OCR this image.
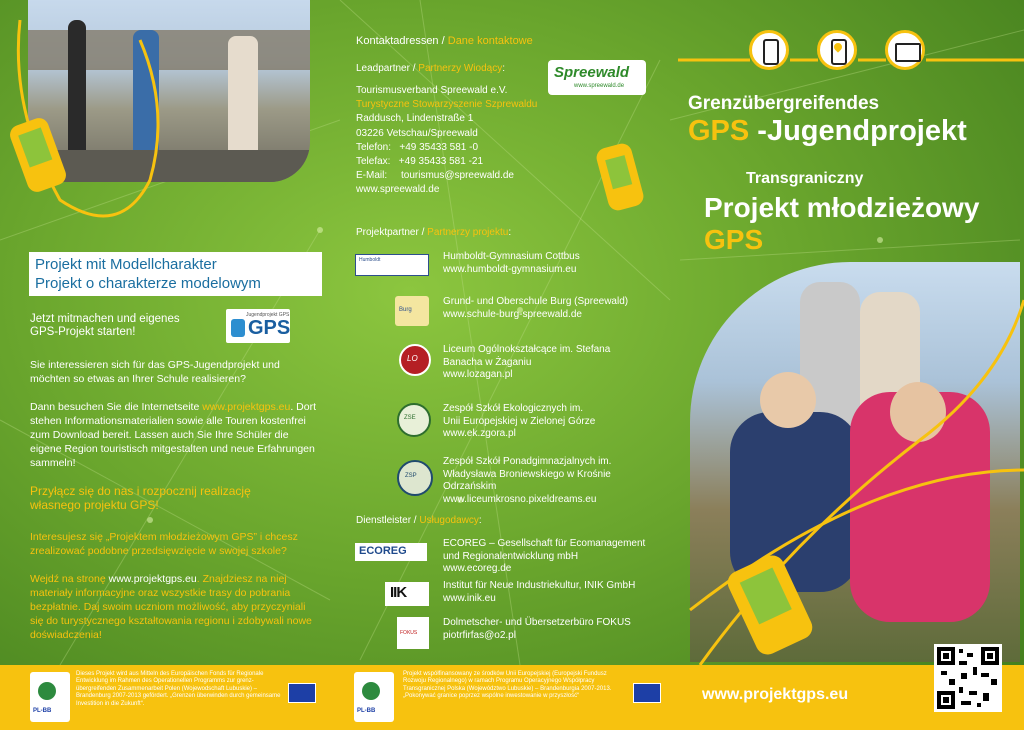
Projekt mit Modellcharakter
Projekt o charakterze modelowym
Jetzt mitmachen und eigenes
GPS-Projekt starten!
Jugendprojekt GPS
GPS
Sie interessieren sich für das GPS-Jugendprojekt und möchten so etwas an Ihrer Schule realisieren?
Dann besuchen Sie die Internetseite www.projektgps.eu. Dort stehen Informationsmaterialien sowie alle Touren kostenfrei zum Download bereit. Lassen auch Sie Ihre Schüler die eigene Region touristisch mitgestalten und neue Erfahrungen sammeln!
Przyłącz się do nas i rozpocznij realizację własnego projektu GPS!
Interesujesz się „Projektem młodzieżowym GPS” i chcesz zrealizować podobne przedsięwzięcie w swojej szkole?
Wejdź na stronę www.projektgps.eu. Znajdziesz na niej materiały informacyjne oraz wszystkie trasy do pobrania bezpłatnie. Daj swoim uczniom możliwość, aby przyczyniali się do turystycznego kształtowania regionu i zdobywali nowe doświadczenia!
Kontaktadressen / Dane kontaktowe
Leadpartner / Partnerzy Wiodący:	Spreewald
www.spreewald.de
Tourismusverband Spreewald e.V.
Turystyczne Stowarzyszenie Szprewaldu
Raddusch, Lindenstraße 1
03226 Vetschau/Spreewald
Telefon:   +49 35433 581 -0
Telefax:   +49 35433 581 -21
E-Mail:     tourismus@spreewald.de
www.spreewald.de
Projektpartner / Partnerzy projektu:
Humboldt	Humboldt-Gymnasium Cottbus
www.humboldt-gymnasium.eu
Burg
Grund- und Oberschule Burg (Spreewald)
www.schule-burg-spreewald.de
LO
Liceum Ogólnokształcące im. Stefana
Banacha w Żaganiu
www.lozagan.pl
ZSE
Zespół Szkół Ekologicznych im.
Unii Europejskiej w Zielonej Górze
www.ek.zgora.pl
ZSP
Zespół Szkół Ponadgimnazjalnych im.
Władysława Broniewskiego w Krośnie
Odrzańskim
www.liceumkrosno.pixeldreams.eu
Dienstleister / Usługodawcy:
ECOREG
ECOREG – Gesellschaft für Ecomanagement
und Regionalentwicklung mbH
www.ecoreg.de
IIK	Institut für Neue Industriekultur, INIK GmbH
www.inik.eu
FOKUS
Dolmetscher- und Übersetzerbüro FOKUS
piotrfirfas@o2.pl
Grenzübergreifendes
GPS -Jugendprojekt
Transgraniczny
Projekt młodzieżowy
GPS
PL-BB
Dieses Projekt wird aus Mitteln des Europäischen Fonds für Regionale Entwicklung im Rahmen des Operationellen Programms zur grenz-übergreifenden Zusammenarbeit Polen (Wojewodschaft Lubuskie) – Brandenburg 2007-2013 gefördert. „Grenzen überwinden durch gemeinsame Investition in die Zukunft“.
PL-BB
Projekt współfinansowany ze środków Unii Europejskiej (Europejski Fundusz Rozwoju Regionalnego) w ramach Programu Operacyjnego Współpracy Transgranicznej Polska (Województwo Lubuskie) – Brandenburgia 2007-2013. „Pokonywać granice poprzez wspólne inwestowanie w przyszłość“	www.projektgps.eu
